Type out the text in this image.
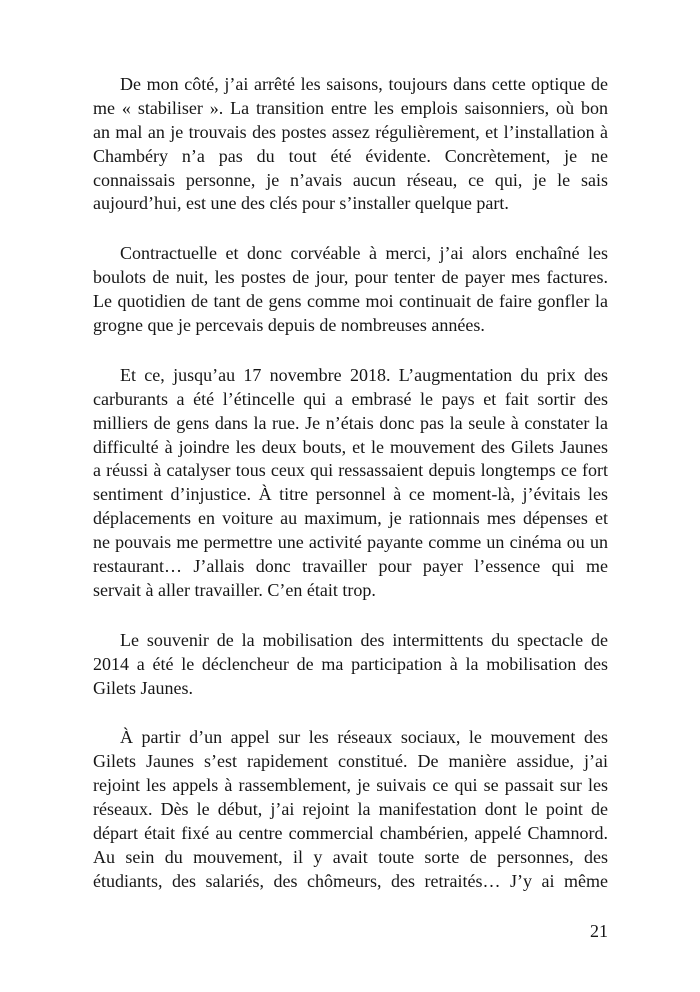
De mon côté, j’ai arrêté les saisons, toujours dans cette optique de
me « stabiliser ». La transition entre les emplois saisonniers, où bon
an mal an je trouvais des postes assez régulièrement, et l’installation à
Chambéry n’a pas du tout été évidente. Concrètement, je ne
connaissais personne, je n’avais aucun réseau, ce qui, je le sais
aujourd’hui, est une des clés pour s’installer quelque part.
Contractuelle et donc corvéable à merci, j’ai alors enchaîné les
boulots de nuit, les postes de jour, pour tenter de payer mes factures.
Le quotidien de tant de gens comme moi continuait de faire gonfler la
grogne que je percevais depuis de nombreuses années.
Et ce, jusqu’au 17 novembre 2018. L’augmentation du prix des
carburants a été l’étincelle qui a embrasé le pays et fait sortir des
milliers de gens dans la rue. Je n’étais donc pas la seule à constater la
difficulté à joindre les deux bouts, et le mouvement des Gilets Jaunes
a réussi à catalyser tous ceux qui ressassaient depuis longtemps ce fort
sentiment d’injustice. À titre personnel à ce moment-là, j’évitais les
déplacements en voiture au maximum, je rationnais mes dépenses et
ne pouvais me permettre une activité payante comme un cinéma ou un
restaurant… J’allais donc travailler pour payer l’essence qui me
servait à aller travailler. C’en était trop.
Le souvenir de la mobilisation des intermittents du spectacle de
2014 a été le déclencheur de ma participation à la mobilisation des
Gilets Jaunes.
À partir d’un appel sur les réseaux sociaux, le mouvement des
Gilets Jaunes s’est rapidement constitué. De manière assidue, j’ai
rejoint les appels à rassemblement, je suivais ce qui se passait sur les
réseaux. Dès le début, j’ai rejoint la manifestation dont le point de
départ était fixé au centre commercial chambérien, appelé Chamnord.
Au sein du mouvement, il y avait toute sorte de personnes, des
étudiants, des salariés, des chômeurs, des retraités… J’y ai même
21
